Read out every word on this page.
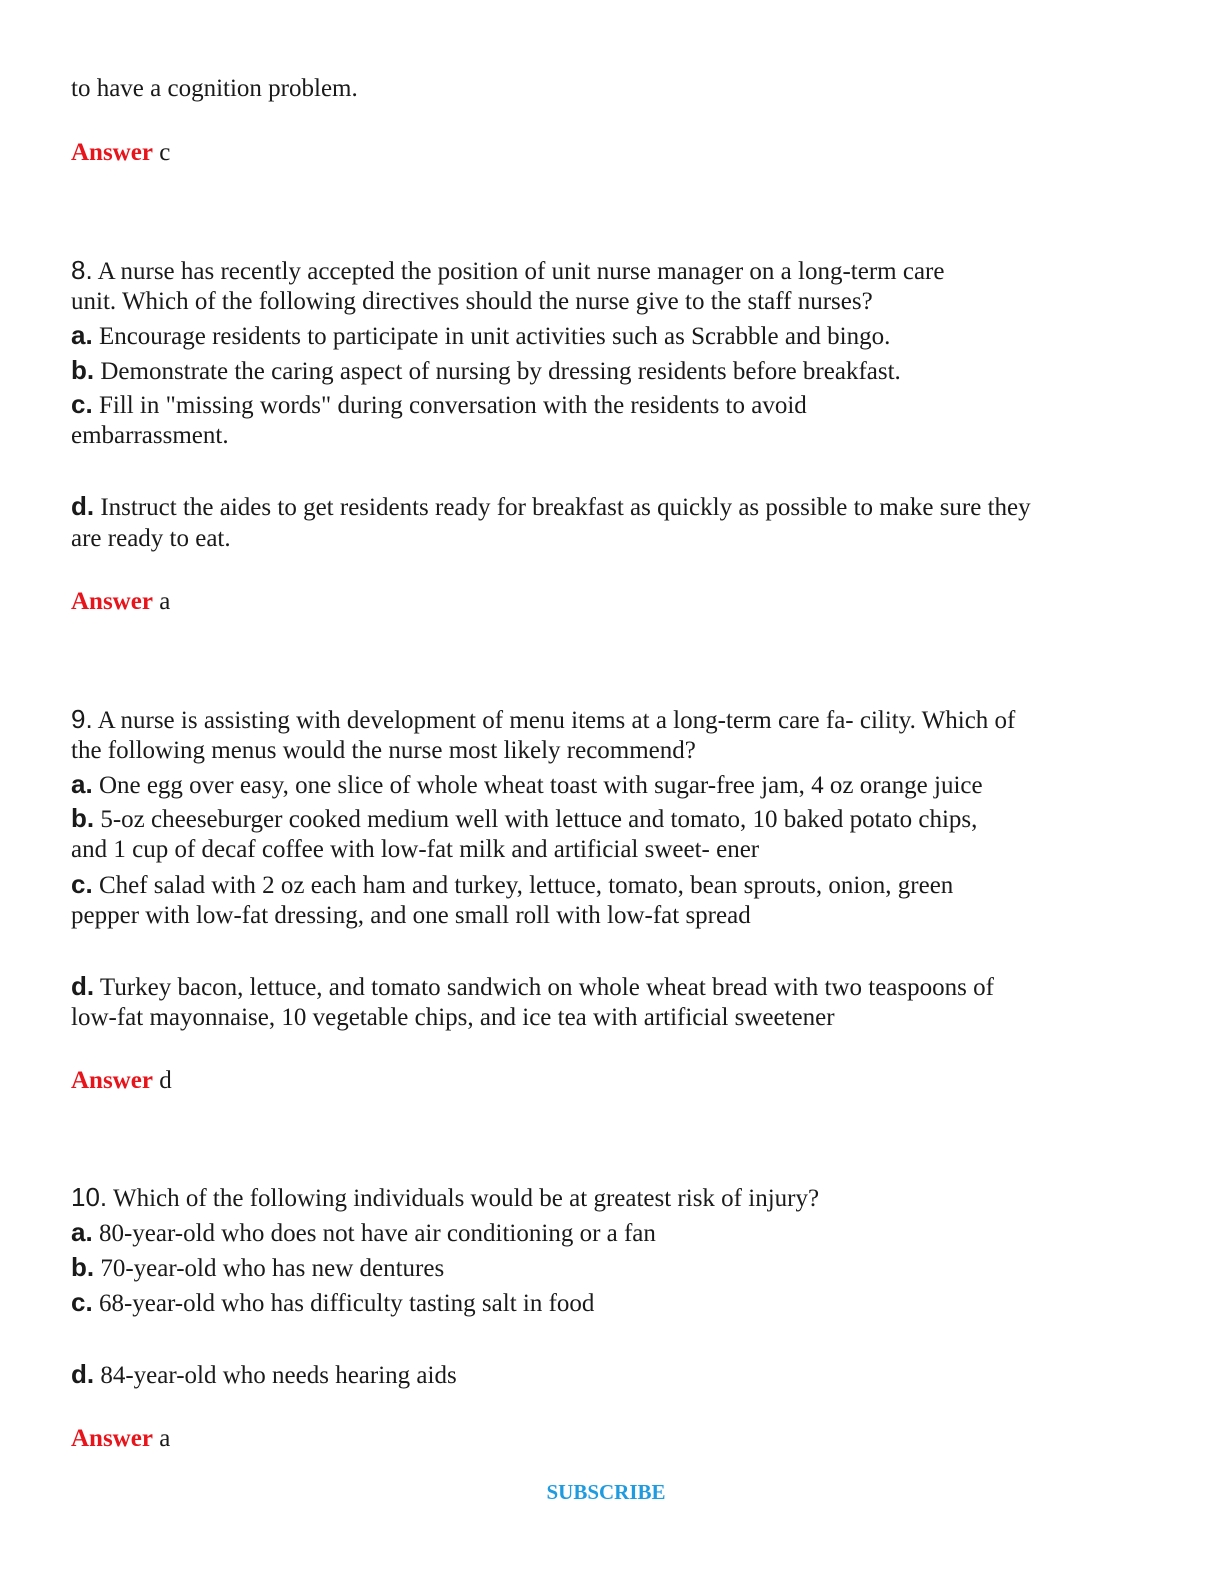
to have a cognition problem.
Answer c
8. A nurse has recently accepted the position of unit nurse manager on a long-term care
unit. Which of the following directives should the nurse give to the staff nurses?
a. Encourage residents to participate in unit activities such as Scrabble and bingo.
b. Demonstrate the caring aspect of nursing by dressing residents before breakfast.
c. Fill in "missing words" during conversation with the residents to avoid
embarrassment.
d. Instruct the aides to get residents ready for breakfast as quickly as possible to make sure they
are ready to eat.
Answer a
9. A nurse is assisting with development of menu items at a long-term care fa- cility. Which of
the following menus would the nurse most likely recommend?
a. One egg over easy, one slice of whole wheat toast with sugar-free jam, 4 oz orange juice
b. 5-oz cheeseburger cooked medium well with lettuce and tomato, 10 baked potato chips,
and 1 cup of decaf coffee with low-fat milk and artificial sweet- ener
c. Chef salad with 2 oz each ham and turkey, lettuce, tomato, bean sprouts, onion, green
pepper with low-fat dressing, and one small roll with low-fat spread
d. Turkey bacon, lettuce, and tomato sandwich on whole wheat bread with two teaspoons of
low-fat mayonnaise, 10 vegetable chips, and ice tea with artificial sweetener
Answer d
10. Which of the following individuals would be at greatest risk of injury?
a. 80-year-old who does not have air conditioning or a fan
b. 70-year-old who has new dentures
c. 68-year-old who has difficulty tasting salt in food
d. 84-year-old who needs hearing aids
Answer a
SUBSCRIBE
